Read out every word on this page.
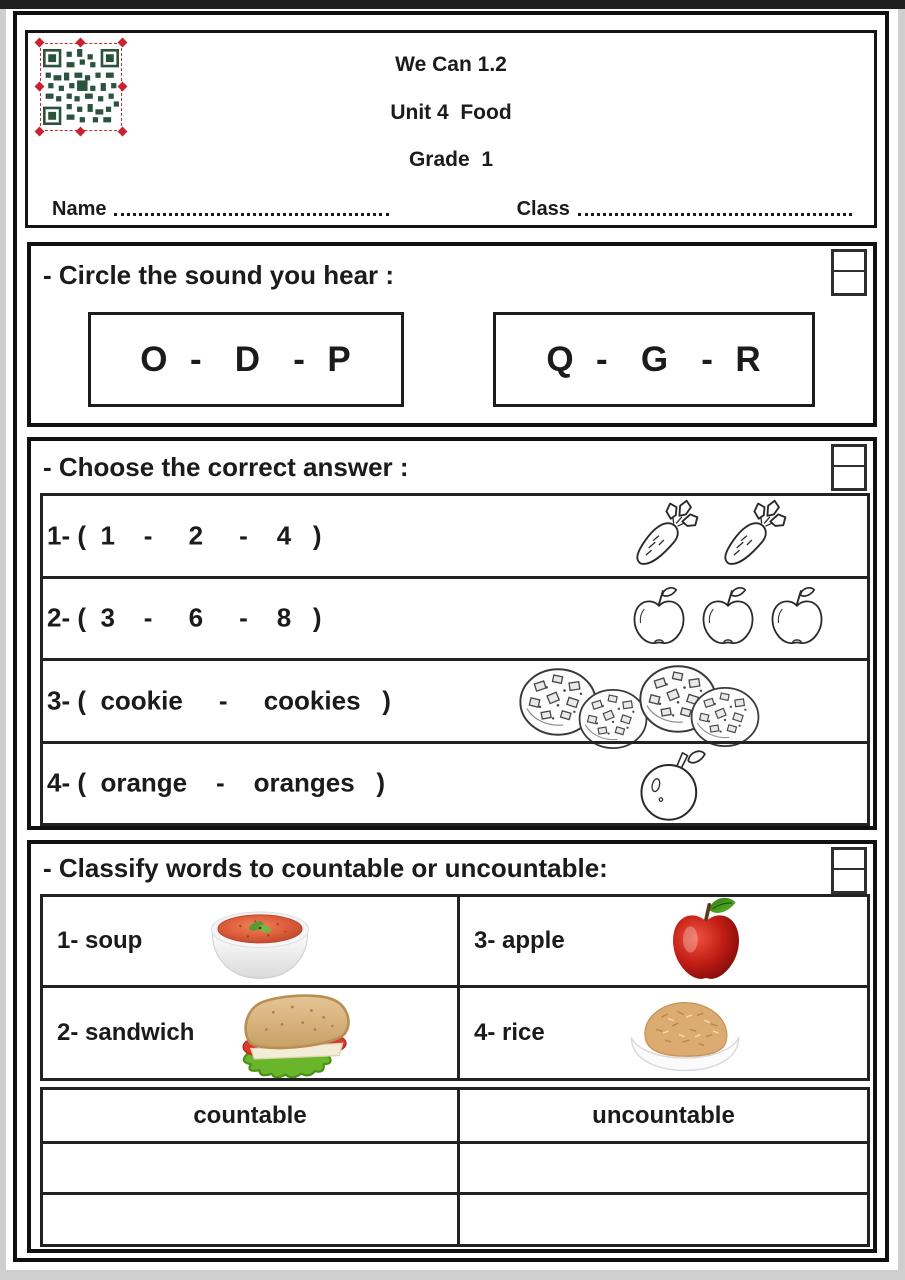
We Can 1.2
Unit 4  Food
Grade  1
Name	Class
- Circle the sound you hear :
O  -   D   -  P	Q  -   G   -  R
- Choose the correct answer :
1- (  1    -     2     -    4   )
2- (  3    -     6     -    8   )
3- (  cookie     -     cookies   )
4- (  orange    -    oranges   )
- Classify words to countable or uncountable:
1- soup	3- apple
2- sandwich	4- rice
countable	uncountable
